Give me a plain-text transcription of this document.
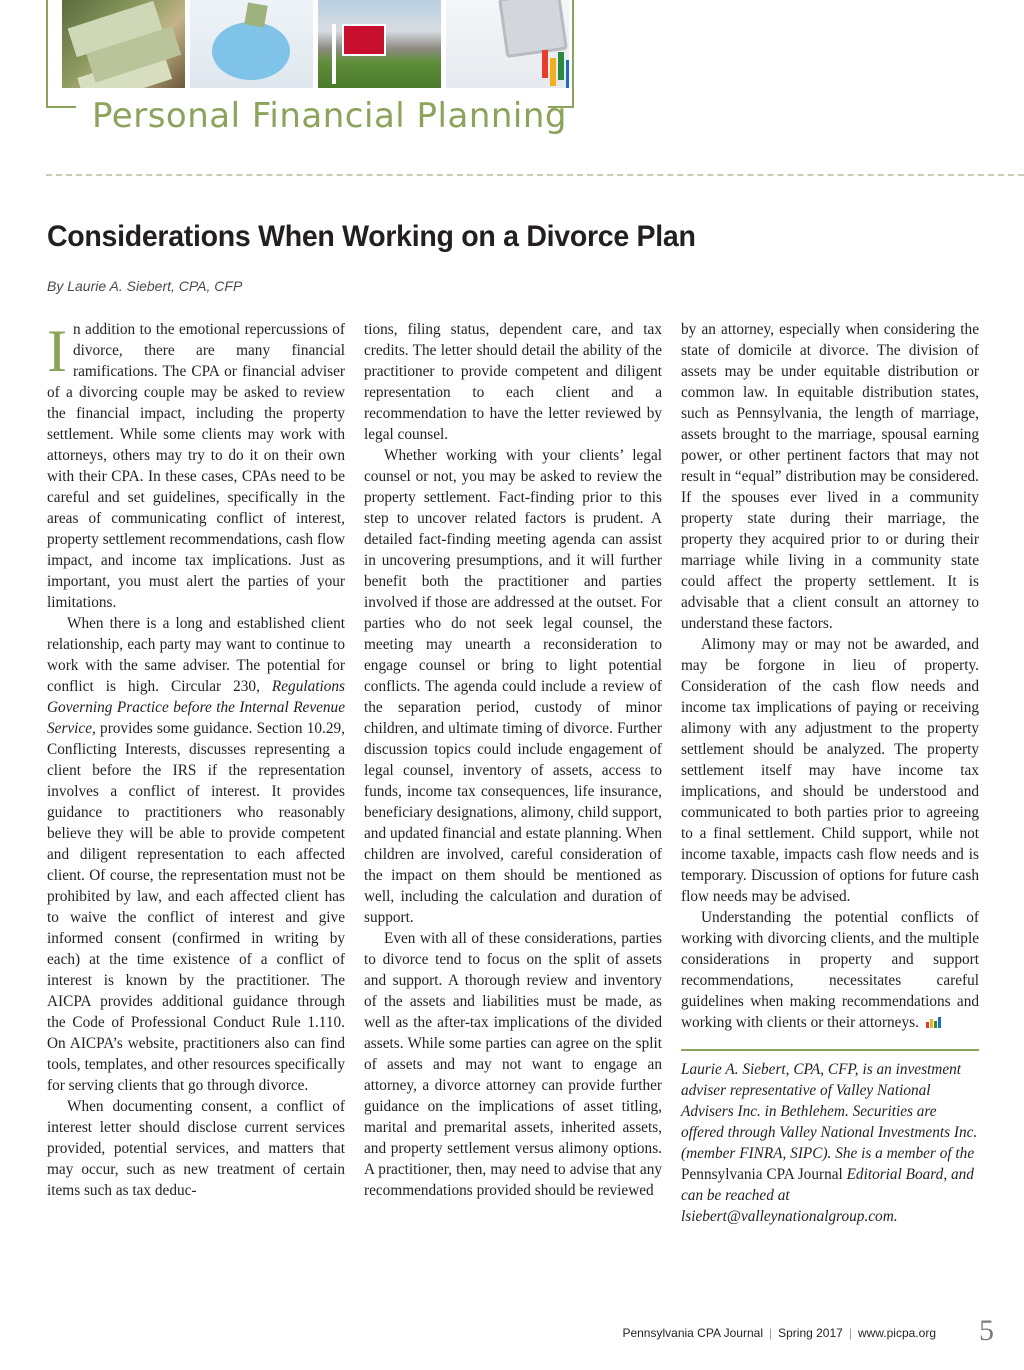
Personal Financial Planning
Considerations When Working on a Divorce Plan

By Laurie A. Siebert, CPA, CFP

In addition to the emotional repercussions of divorce, there are many financial ramifications. The CPA or financial adviser of a divorcing couple may be asked to review the financial impact, including the property settlement. While some clients may work with attorneys, others may try to do it on their own with their CPA. In these cases, CPAs need to be careful and set guidelines, specifically in the areas of communicating conflict of interest, property settlement recommendations, cash flow impact, and income tax implications. Just as important, you must alert the parties of your limitations.

When there is a long and established client relationship, each party may want to continue to work with the same adviser. The potential for conflict is high. Circular 230, Regulations Governing Practice before the Internal Revenue Service, provides some guidance. Section 10.29, Conflicting Interests, discusses representing a client before the IRS if the representation involves a conflict of interest. It provides guidance to practitioners who reasonably believe they will be able to provide competent and diligent representation to each affected client. Of course, the representation must not be prohibited by law, and each affected client has to waive the conflict of interest and give informed consent (confirmed in writing by each) at the time existence of a conflict of interest is known by the practitioner. The AICPA provides additional guidance through the Code of Professional Conduct Rule 1.110. On AICPA’s website, practitioners also can find tools, templates, and other resources specifically for serving clients that go through divorce.

When documenting consent, a conflict of interest letter should disclose current services provided, potential services, and matters that may occur, such as new treatment of certain items such as tax deduc-

tions, filing status, dependent care, and tax credits. The letter should detail the ability of the practitioner to provide competent and diligent representation to each client and a recommendation to have the letter reviewed by legal counsel.

Whether working with your clients’ legal counsel or not, you may be asked to review the property settlement. Fact-finding prior to this step to uncover related factors is prudent. A detailed fact-finding meeting agenda can assist in uncovering presumptions, and it will further benefit both the practitioner and parties involved if those are addressed at the outset. For parties who do not seek legal counsel, the meeting may unearth a reconsideration to engage counsel or bring to light potential conflicts. The agenda could include a review of the separation period, custody of minor children, and ultimate timing of divorce. Further discussion topics could include engagement of legal counsel, inventory of assets, access to funds, income tax consequences, life insurance, beneficiary designations, alimony, child support, and updated financial and estate planning. When children are involved, careful consideration of the impact on them should be mentioned as well, including the calculation and duration of support.

Even with all of these considerations, parties to divorce tend to focus on the split of assets and support. A thorough review and inventory of the assets and liabilities must be made, as well as the after-tax implications of the divided assets. While some parties can agree on the split of assets and may not want to engage an attorney, a divorce attorney can provide further guidance on the implications of asset titling, marital and premarital assets, inherited assets, and property settlement versus alimony options. A practitioner, then, may need to advise that any recommendations provided should be reviewed

by an attorney, especially when considering the state of domicile at divorce. The division of assets may be under equitable distribution or common law. In equitable distribution states, such as Pennsylvania, the length of marriage, assets brought to the marriage, spousal earning power, or other pertinent factors that may not result in “equal” distribution may be considered. If the spouses ever lived in a community property state during their marriage, the property they acquired prior to or during their marriage while living in a community state could affect the property settlement. It is advisable that a client consult an attorney to understand these factors.

Alimony may or may not be awarded, and may be forgone in lieu of property. Consideration of the cash flow needs and income tax implications of paying or receiving alimony with any adjustment to the property settlement should be analyzed. The property settlement itself may have income tax implications, and should be understood and communicated to both parties prior to agreeing to a final settlement. Child support, while not income taxable, impacts cash flow needs and is temporary. Discussion of options for future cash flow needs may be advised.

Understanding the potential conflicts of working with divorcing clients, and the multiple considerations in property and support recommendations, necessitates careful guidelines when making recommendations and working with clients or their attorneys.

Laurie A. Siebert, CPA, CFP, is an investment adviser representative of Valley National Advisers Inc. in Bethlehem. Securities are offered through Valley National Investments Inc. (member FINRA, SIPC). She is a member of the Pennsylvania CPA Journal Editorial Board, and can be reached at lsiebert@valleynationalgroup.com.

Pennsylvania CPA Journal | Spring 2017 | www.picpa.org 5
